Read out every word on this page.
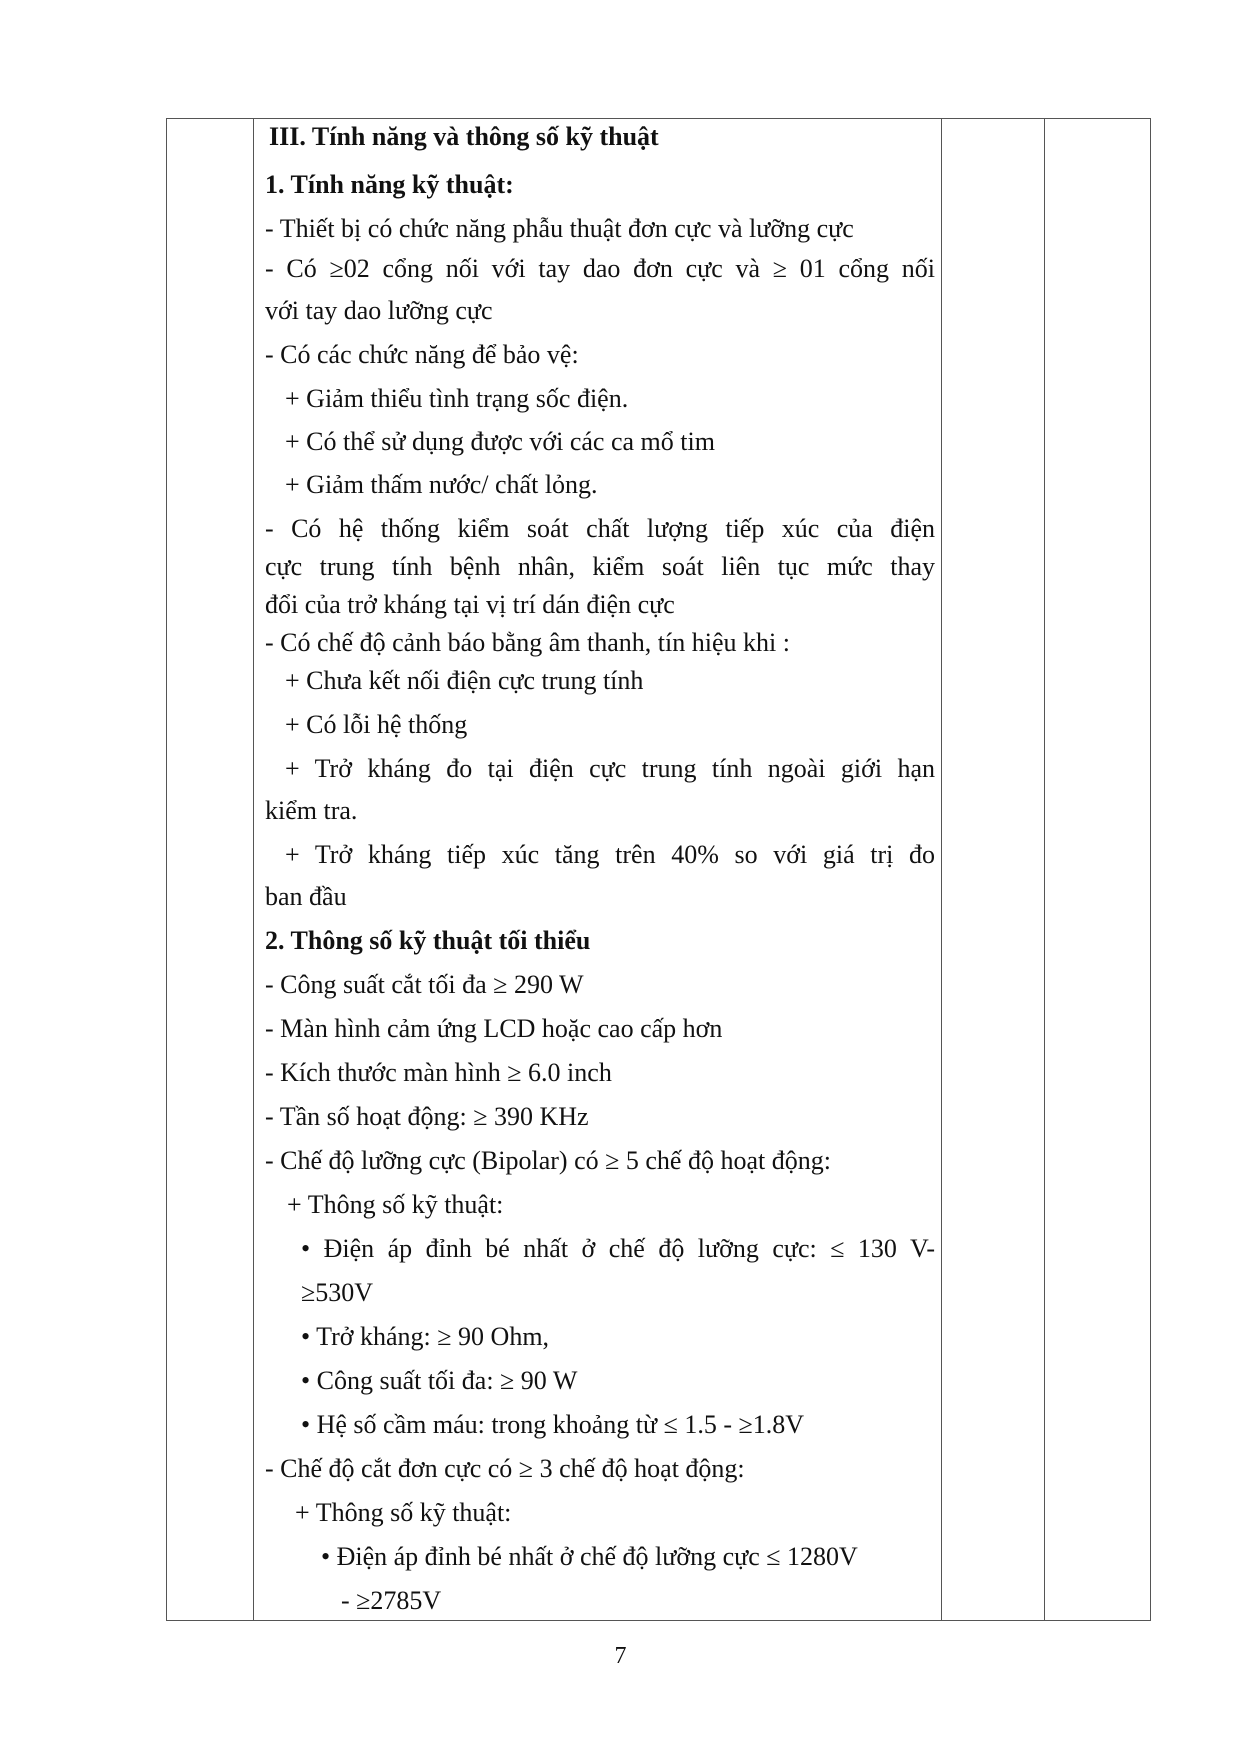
III. Tính năng và thông số kỹ thuật
1. Tính năng kỹ thuật:
- Thiết bị có chức năng phẫu thuật đơn cực và lưỡng cực
- Có ≥02 cổng nối với tay dao đơn cực và ≥ 01 cổng nối
với tay dao lưỡng cực
- Có các chức năng để bảo vệ:
+ Giảm thiểu tình trạng sốc điện.
+ Có thể sử dụng được với các ca mổ tim
+ Giảm thấm nước/ chất lỏng.
- Có hệ thống kiểm soát chất lượng tiếp xúc của điện
cực trung tính bệnh nhân, kiểm soát liên tục mức thay
đổi của trở kháng tại vị trí dán điện cực
- Có chế độ cảnh báo bằng âm thanh, tín hiệu khi :
+ Chưa kết nối điện cực trung tính
+ Có lỗi hệ thống
+ Trở kháng đo tại điện cực trung tính ngoài giới hạn
kiểm tra.
+ Trở kháng tiếp xúc tăng trên 40% so với giá trị đo
ban đầu
2. Thông số kỹ thuật tối thiểu
- Công suất cắt tối đa ≥ 290 W
- Màn hình cảm ứng LCD hoặc cao cấp hơn
- Kích thước màn hình ≥ 6.0 inch
- Tần số hoạt động: ≥ 390 KHz
- Chế độ lưỡng cực (Bipolar) có ≥ 5 chế độ hoạt động:
+ Thông số kỹ thuật:
• Điện áp đỉnh bé nhất ở chế độ lưỡng cực: ≤ 130 V-
≥530V
• Trở kháng: ≥ 90 Ohm,
• Công suất tối đa: ≥ 90 W
• Hệ số cầm máu: trong khoảng từ ≤ 1.5 - ≥1.8V
- Chế độ cắt đơn cực có ≥ 3 chế độ hoạt động:
+ Thông số kỹ thuật:
• Điện áp đỉnh bé nhất ở chế độ lưỡng cực ≤ 1280V
- ≥2785V
7
